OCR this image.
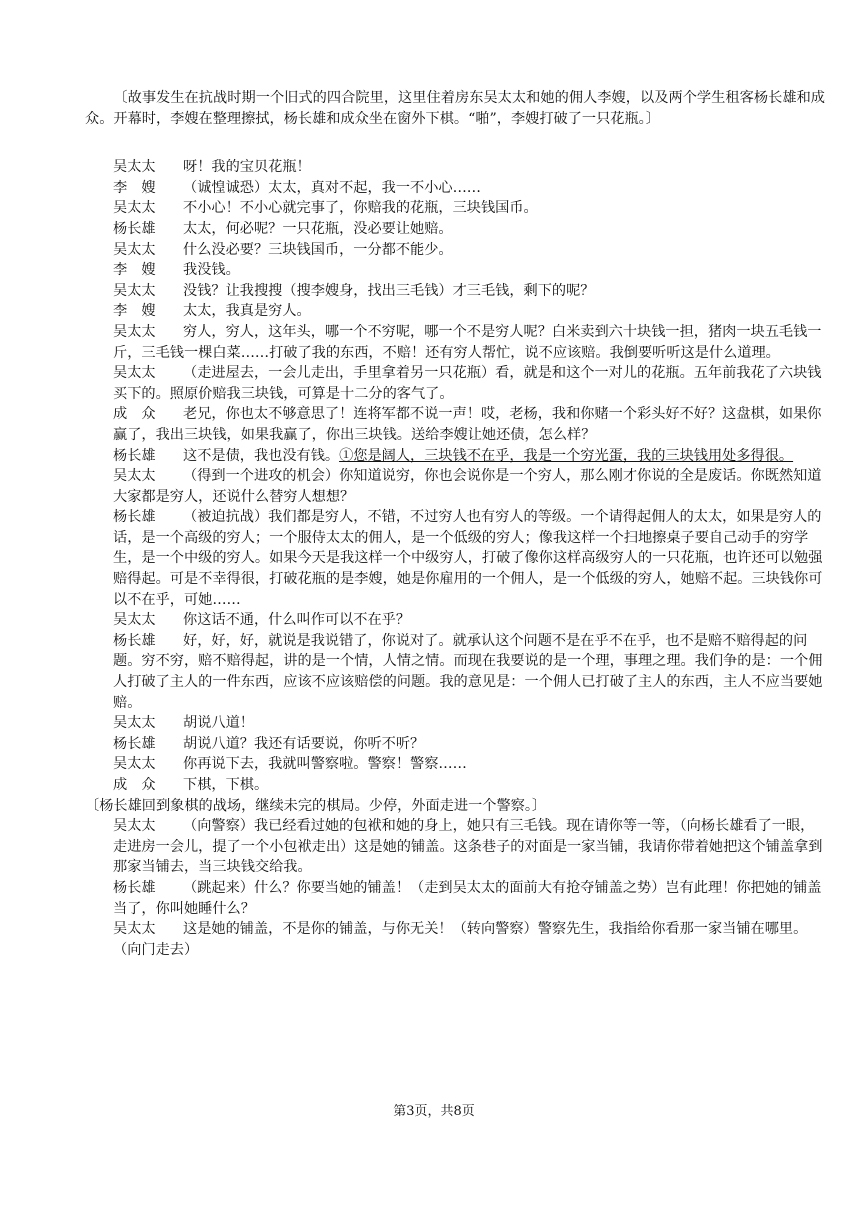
〔故事发生在抗战时期一个旧式的四合院里，这里住着房东吴太太和她的佣人李嫂，以及两个学生租客杨长雄和成众。开幕时，李嫂在整理擦拭，杨长雄和成众坐在窗外下棋。“啪”，李嫂打破了一只花瓶。〕

吴太太 呀！我的宝贝花瓶！

李　嫂 （诚惶诚恐）太太，真对不起，我一不小心……

吴太太 不小心！不小心就完事了，你赔我的花瓶，三块钱国币。

杨长雄 太太，何必呢？一只花瓶，没必要让她赔。

吴太太 什么没必要？三块钱国币，一分都不能少。

李　嫂 我没钱。

吴太太 没钱？让我搜搜（搜李嫂身，找出三毛钱）才三毛钱，剩下的呢？

李　嫂 太太，我真是穷人。

吴太太 穷人，穷人，这年头，哪一个不穷呢，哪一个不是穷人呢？白米卖到六十块钱一担，猪肉一块五毛钱一斤，三毛钱一棵白菜……打破了我的东西，不赔！还有穷人帮忙，说不应该赔。我倒要听听这是什么道理。

吴太太 （走进屋去，一会儿走出，手里拿着另一只花瓶）看，就是和这个一对儿的花瓶。五年前我花了六块钱买下的。照原价赔我三块钱，可算是十二分的客气了。

成　众 老兄，你也太不够意思了！连将军都不说一声！哎，老杨，我和你赌一个彩头好不好？这盘棋，如果你赢了，我出三块钱，如果我赢了，你出三块钱。送给李嫂让她还债，怎么样？

杨长雄 这不是债，我也没有钱。①您是阔人，三块钱不在乎，我是一个穷光蛋，我的三块钱用处多得很。

吴太太 （得到一个进攻的机会）你知道说穷，你也会说你是一个穷人，那么刚才你说的全是废话。你既然知道大家都是穷人，还说什么替穷人想想？

杨长雄 （被迫抗战）我们都是穷人，不错，不过穷人也有穷人的等级。一个请得起佣人的太太，如果是穷人的话，是一个高级的穷人；一个服侍太太的佣人，是一个低级的穷人；像我这样一个扫地擦桌子要自己动手的穷学生，是一个中级的穷人。如果今天是我这样一个中级穷人，打破了像你这样高级穷人的一只花瓶，也许还可以勉强赔得起。可是不幸得很，打破花瓶的是李嫂，她是你雇用的一个佣人，是一个低级的穷人，她赔不起。三块钱你可以不在乎，可她……

吴太太 你这话不通，什么叫作可以不在乎？

杨长雄 好，好，好，就说是我说错了，你说对了。就承认这个问题不是在乎不在乎，也不是赔不赔得起的问题。穷不穷，赔不赔得起，讲的是一个情，人情之情。而现在我要说的是一个理，事理之理。我们争的是：一个佣人打破了主人的一件东西，应该不应该赔偿的问题。我的意见是：一个佣人已打破了主人的东西，主人不应当要她赔。

吴太太 胡说八道！

杨长雄 胡说八道？我还有话要说，你听不听？

吴太太 你再说下去，我就叫警察啦。警察！警察……

成　众 下棋，下棋。

〔杨长雄回到象棋的战场，继续未完的棋局。少停，外面走进一个警察。〕

吴太太 （向警察）我已经看过她的包袱和她的身上，她只有三毛钱。现在请你等一等，（向杨长雄看了一眼，走进房一会儿，提了一个小包袱走出）这是她的铺盖。这条巷子的对面是一家当铺，我请你带着她把这个铺盖拿到那家当铺去，当三块钱交给我。

杨长雄 （跳起来）什么？你要当她的铺盖！（走到吴太太的面前大有抢夺铺盖之势）岂有此理！你把她的铺盖当了，你叫她睡什么？

吴太太 这是她的铺盖，不是你的铺盖，与你无关！（转向警察）警察先生，我指给你看那一家当铺在哪里。（向门走去）

第3页，共8页
